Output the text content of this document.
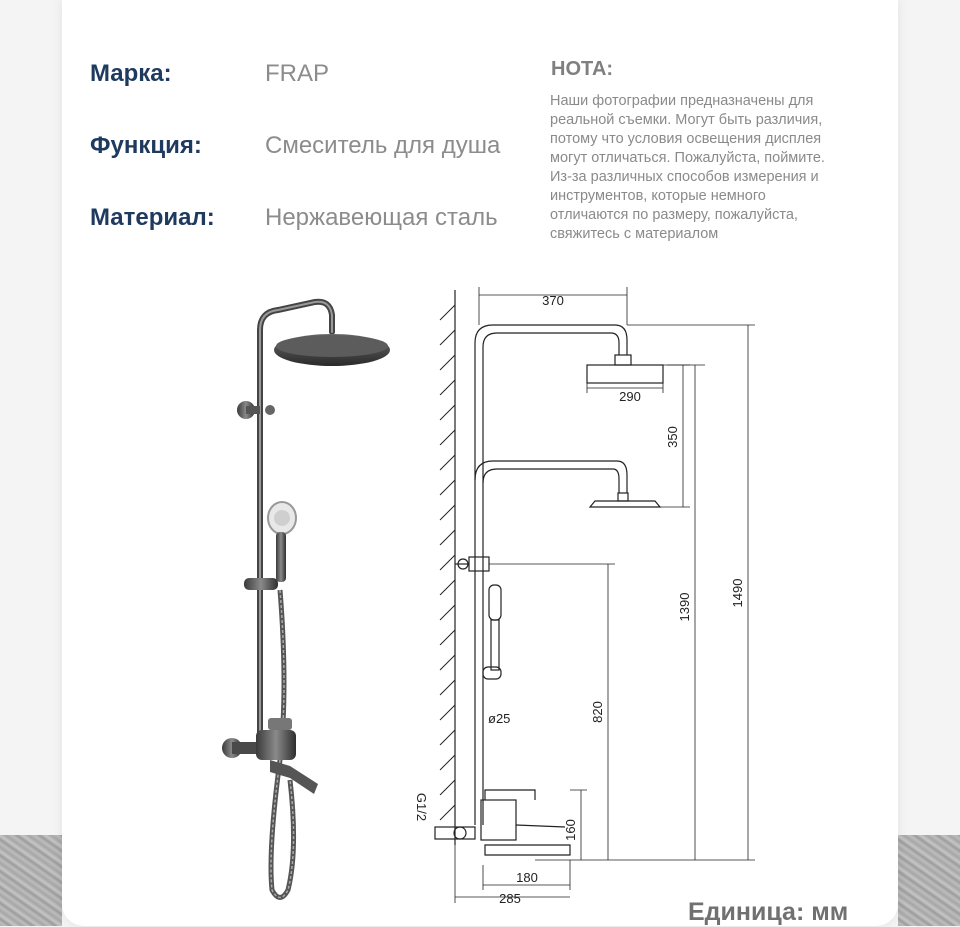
Марка:	FRAP
Функция:	Смеситель для душа
Материал: Нержавеющая сталь
НОТА:
Наши фотографии предназначены для
реальной съемки. Могут быть различия,
потому что условия освещения дисплея
могут отличаться. Пожалуйста, поймите.
Из-за различных способов измерения и
инструментов, которые немного
отличаются по размеру, пожалуйста,
свяжитесь с материалом
Единица: мм
370
290
350
1390	1490
820
ø25
G1/2
160
180
285
